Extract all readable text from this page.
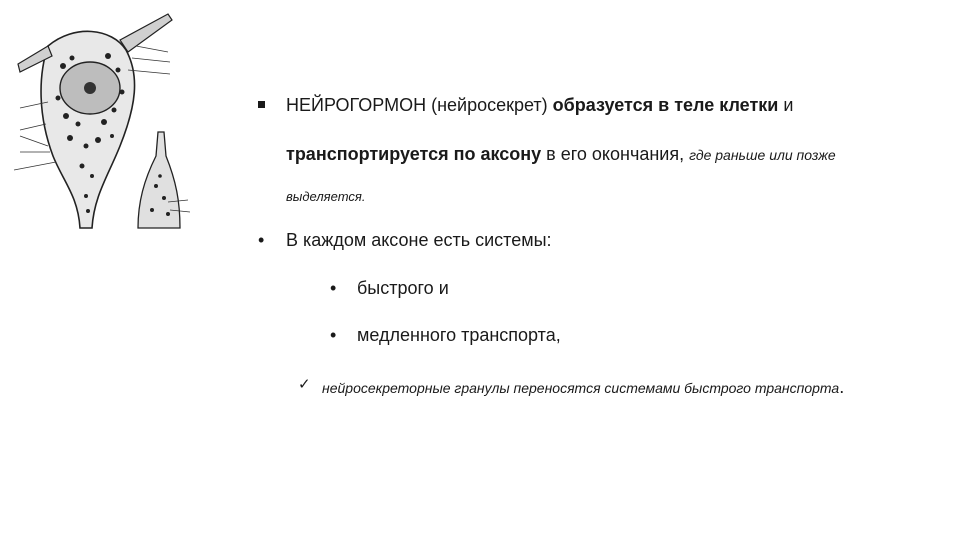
НЕЙРОГОРМОН (нейросекрет) образуется в теле клетки и
транспортируется по аксону в его окончания, где раньше или позже
выделяется.
• В каждом аксоне есть системы:
• быстрого и
• медленного транспорта,
✓ нейросекреторные гранулы переносятся системами быстрого транспорта.
